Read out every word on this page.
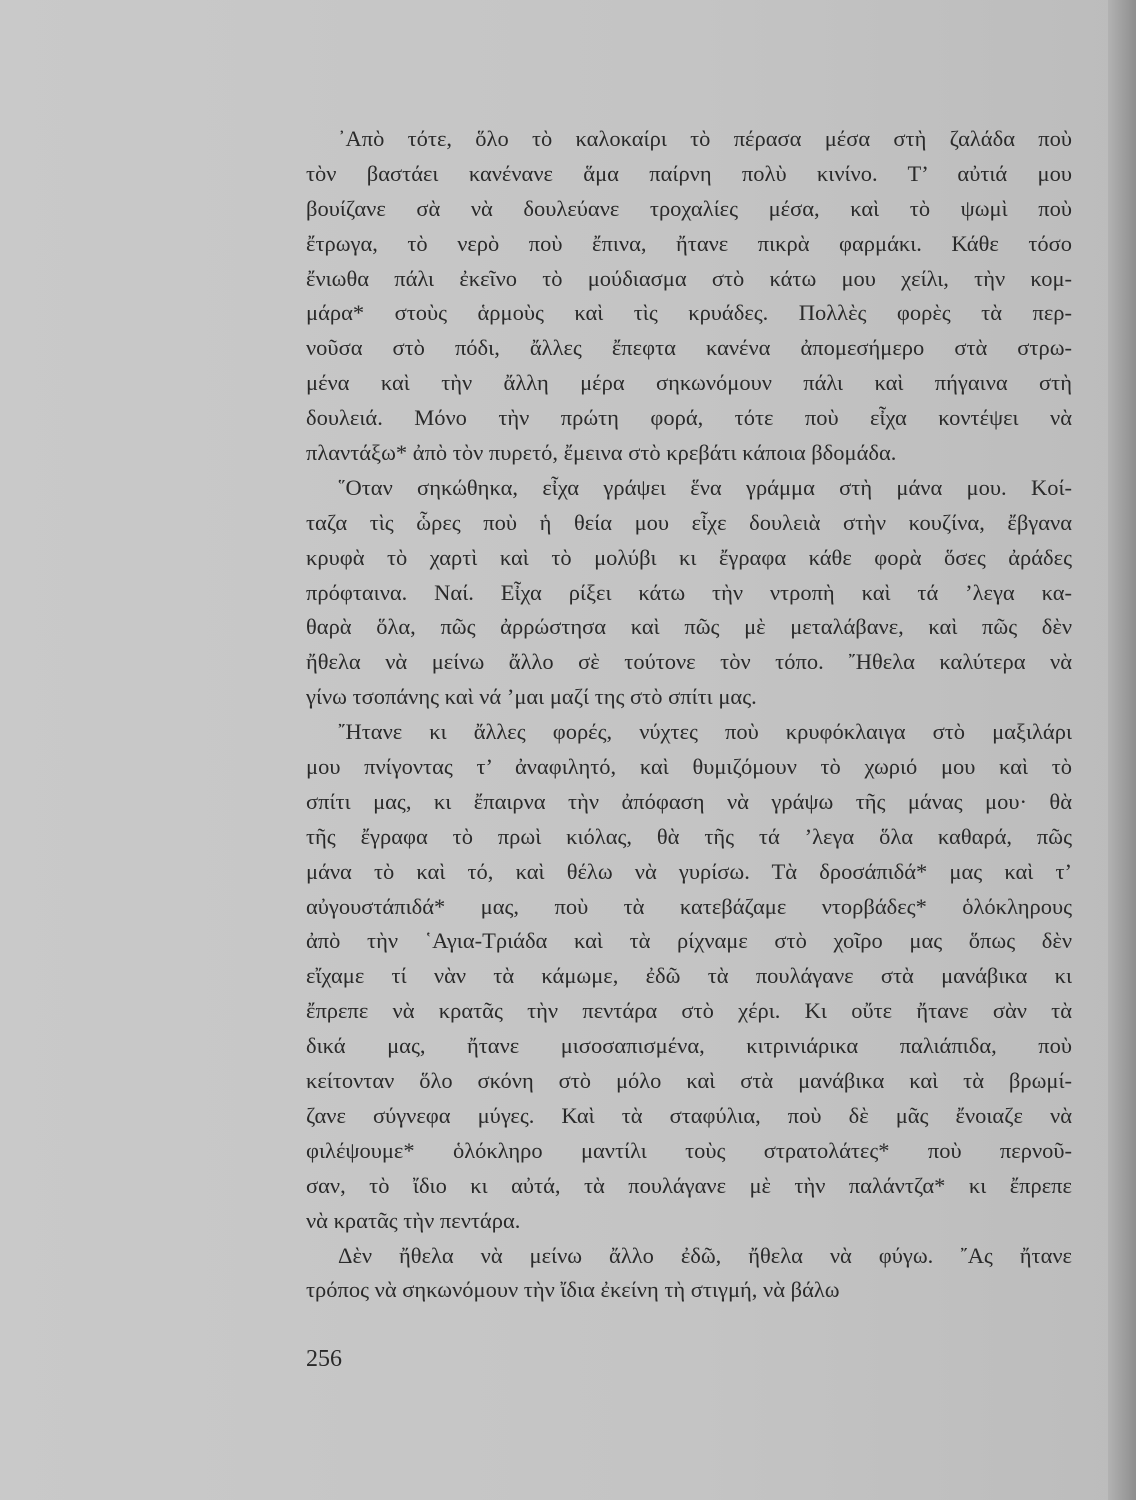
᾿Απὸ τότε, ὅλο τὸ καλοκαίρι τὸ πέρασα μέσα στὴ ζαλάδα ποὺ
τὸν βαστάει κανένανε ἅμα παίρνη πολὺ κινίνο. Τ’ αὐτιά μου
βουίζανε σὰ νὰ δουλεύανε τροχαλίες μέσα, καὶ τὸ ψωμὶ ποὺ
ἔτρωγα, τὸ νερὸ ποὺ ἔπινα, ἤτανε πικρὰ φαρμάκι. Κάθε τόσο
ἔνιωθα πάλι ἐκεῖνο τὸ μούδιασμα στὸ κάτω μου χείλι, τὴν κομ-
μάρα* στοὺς ἁρμοὺς καὶ τὶς κρυάδες. Πολλὲς φορὲς τὰ περ-
νοῦσα στὸ πόδι, ἄλλες ἔπεφτα κανένα ἀπομεσήμερο στὰ στρω-
μένα καὶ τὴν ἄλλη μέρα σηκωνόμουν πάλι καὶ πήγαινα στὴ
δουλειά. Μόνο τὴν πρώτη φορά, τότε ποὺ εἶχα κοντέψει νὰ
πλαντάξω* ἀπὸ τὸν πυρετό, ἔμεινα στὸ κρεβάτι κάποια βδομάδα.
῞Οταν σηκώθηκα, εἶχα γράψει ἕνα γράμμα στὴ μάνα μου. Κοί-
ταζα τὶς ὧρες ποὺ ἡ θεία μου εἶχε δουλειὰ στὴν κουζίνα, ἔβγανα
κρυφὰ τὸ χαρτὶ καὶ τὸ μολύβι κι ἔγραφα κάθε φορὰ ὅσες ἀράδες
πρόφταινα. Ναί. Εἶχα ρίξει κάτω τὴν ντροπὴ καὶ τά ’λεγα κα-
θαρὰ ὅλα, πῶς ἀρρώστησα καὶ πῶς μὲ μεταλάβανε, καὶ πῶς δὲν
ἤθελα νὰ μείνω ἄλλο σὲ τούτονε τὸν τόπο. ῎Ηθελα καλύτερα νὰ
γίνω τσοπάνης καὶ νά ’μαι μαζί της στὸ σπίτι μας.
῎Ητανε κι ἄλλες φορές, νύχτες ποὺ κρυφόκλαιγα στὸ μαξιλάρι
μου πνίγοντας τ’ ἀναφιλητό, καὶ θυμιζόμουν τὸ χωριό μου καὶ τὸ
σπίτι μας, κι ἔπαιρνα τὴν ἀπόφαση νὰ γράψω τῆς μάνας μου· θὰ
τῆς ἔγραφα τὸ πρωὶ κιόλας, θὰ τῆς τά ’λεγα ὅλα καθαρά, πῶς
μάνα τὸ καὶ τό, καὶ θέλω νὰ γυρίσω. Τὰ δροσάπιδά* μας καὶ τ’
αὐγουστάπιδά* μας, ποὺ τὰ κατεβάζαμε ντορβάδες* ὁλόκληρους
ἀπὸ τὴν ῾Αγια-Τριάδα καὶ τὰ ρίχναμε στὸ χοῖρο μας ὅπως δὲν
εἴχαμε τί νὰν τὰ κάμωμε, ἐδῶ τὰ πουλάγανε στὰ μανάβικα κι
ἔπρεπε νὰ κρατᾶς τὴν πεντάρα στὸ χέρι. Κι οὔτε ἤτανε σὰν τὰ
δικά μας, ἤτανε μισοσαπισμένα, κιτρινιάρικα παλιάπιδα, ποὺ
κείτονταν ὅλο σκόνη στὸ μόλο καὶ στὰ μανάβικα καὶ τὰ βρωμί-
ζανε σύγνεφα μύγες. Καὶ τὰ σταφύλια, ποὺ δὲ μᾶς ἔνοιαζε νὰ
φιλέψουμε* ὁλόκληρο μαντίλι τοὺς στρατολάτες* ποὺ περνοῦ-
σαν, τὸ ἴδιο κι αὐτά, τὰ πουλάγανε μὲ τὴν παλάντζα* κι ἔπρεπε
νὰ κρατᾶς τὴν πεντάρα.
Δὲν ἤθελα νὰ μείνω ἄλλο ἐδῶ, ἤθελα νὰ φύγω. ῎Ας ἤτανε
τρόπος νὰ σηκωνόμουν τὴν ἴδια ἐκείνη τὴ στιγμή, νὰ βάλω
256
